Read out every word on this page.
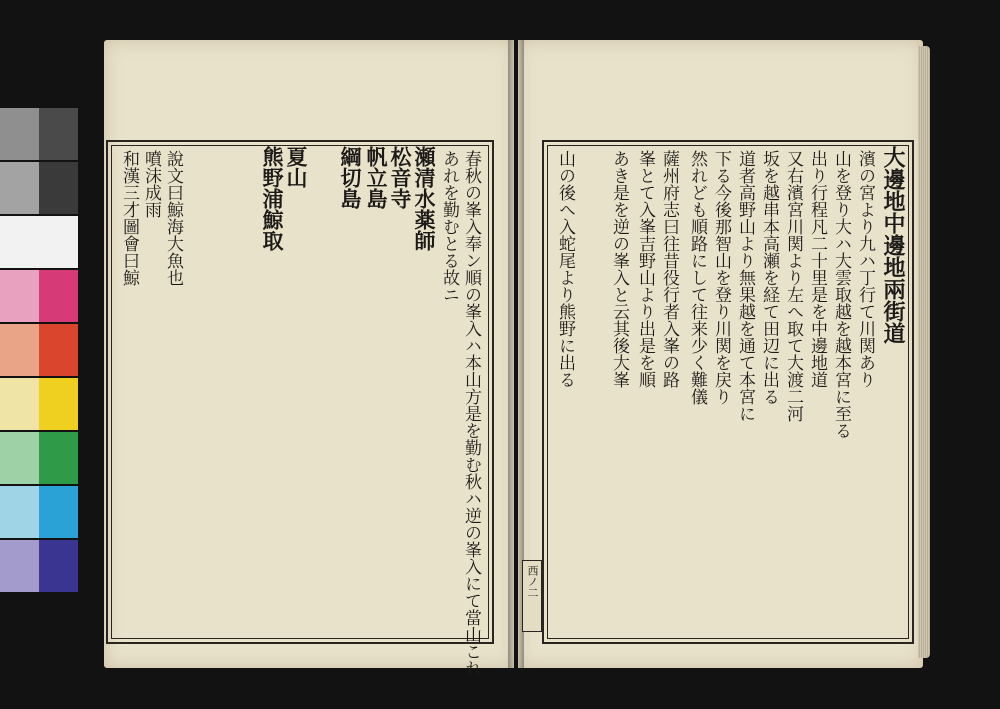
春秋の峯入奉ン順の峯入ハ本山方是を勤む秋ハ逆の峯入にて當山これ
あれを勤むとる故ニ
瀬清水薬師
松音寺
帆立島
綱切島
夏山
熊野浦鯨取
和漢三才圖會曰鯨 噴沫成雨 說文曰鯨海大魚也	大邊地中邊地兩街道
濱の宮より九ハ丁行て川関あり
山を登り大ハ大雲取越を越本宮に至る
出り行程凡二十里是を中邊地道
又右濱宮川関より左へ取て大渡二河
坂を越串本高瀬を経て田辺に出る
道者高野山より無果越を通て本宮に
下る今後那智山を登り川関を戻り
然れども順路にして往来少く難儀
薩州府志曰往昔役行者入峯の路
峯とて入峯吉野山より出是を順
あき是を逆の峯入と云其後大峯
山の後へ入蛇尾より熊野に出る
西ノ二
